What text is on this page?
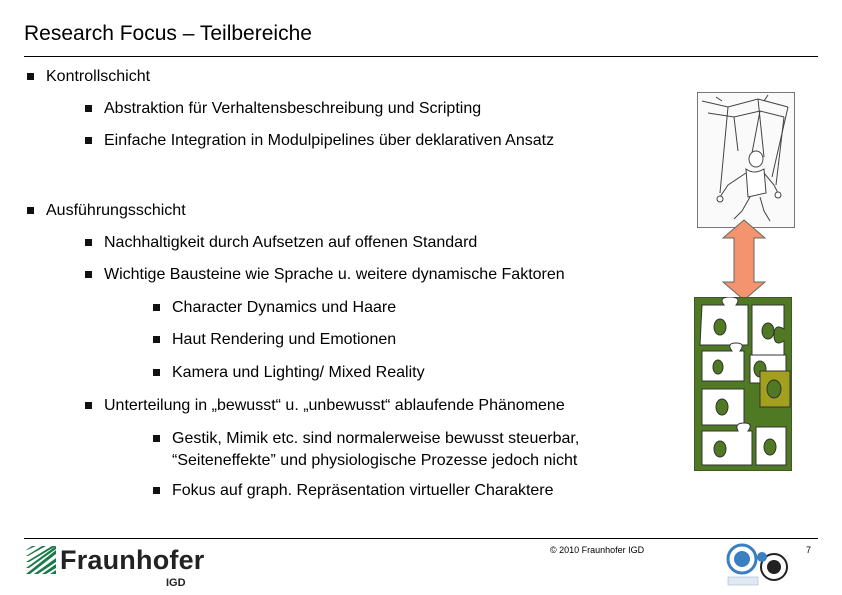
Research Focus – Teilbereiche
Kontrollschicht
Abstraktion für Verhaltensbeschreibung und Scripting
Einfache Integration in Modulpipelines über deklarativen Ansatz
Ausführungsschicht
Nachhaltigkeit durch Aufsetzen auf offenen Standard
Wichtige Bausteine wie Sprache u. weitere dynamische Faktoren
Character Dynamics und Haare
Haut Rendering und Emotionen
Kamera und Lighting/ Mixed Reality
Unterteilung in „bewusst“ u. „unbewusst“ ablaufende Phänomene
Gestik, Mimik etc. sind normalerweise bewusst steuerbar,
“Seiteneffekte” und physiologische Prozesse jedoch nicht
Fokus auf graph. Repräsentation virtueller Charaktere
Fraunhofer
IGD
© 2010 Fraunhofer IGD	7
